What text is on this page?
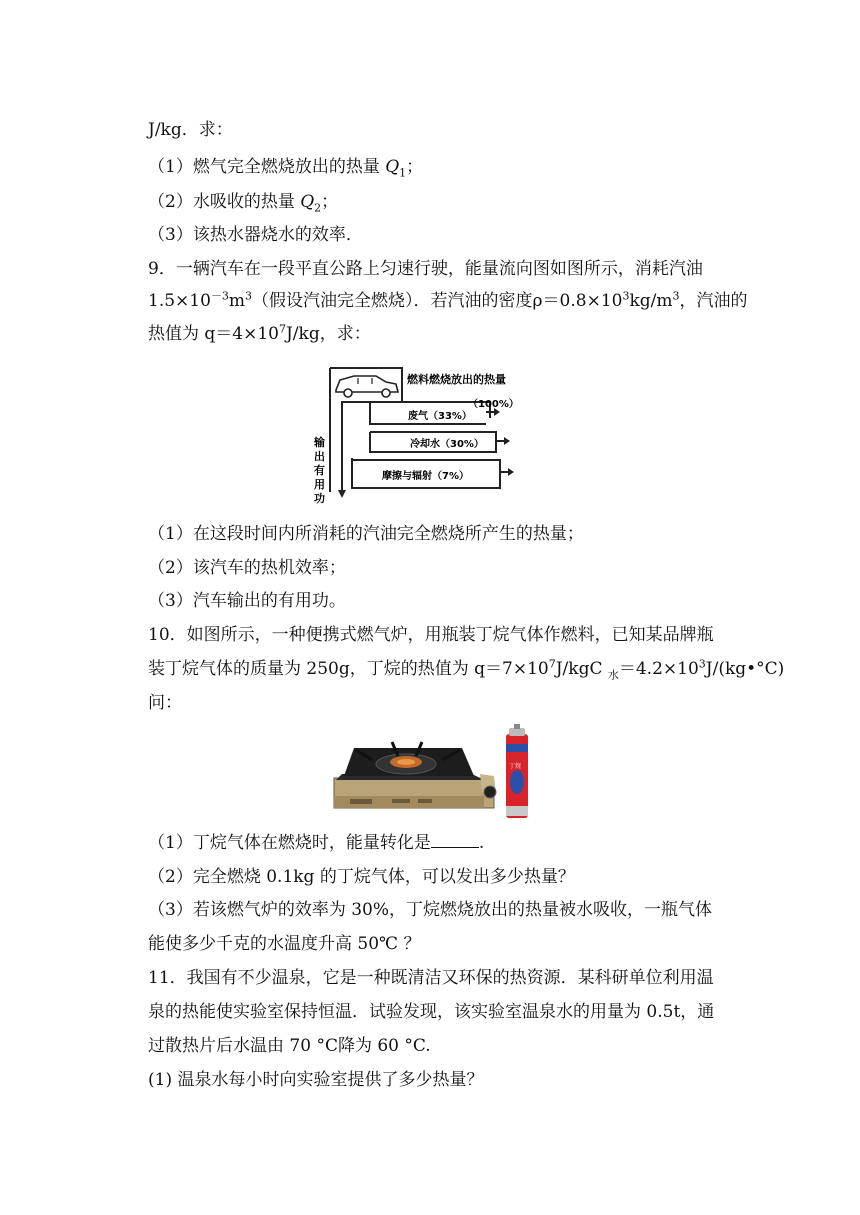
J/kg．求：
（1）燃气完全燃烧放出的热量 $Q_1$；
（2）水吸收的热量 $Q_2$；
（3）该热水器烧水的效率．
9．一辆汽车在一段平直公路上匀速行驶，能量流向图如图所示，消耗汽油
$1.5\times 10^{-3}m^3$（假设汽油完全燃烧）．若汽油的密度$\rho=0.8\times 10^3kg/m^3$，汽油的
热值为 $q=4\times 10^7J/kg$，求：
燃料燃烧放出的热量
（100%）
废气（33%）
冷却水（30%）
摩擦与辐射（7%）
输
出
有
用
功
（1）在这段时间内所消耗的汽油完全燃烧所产生的热量；
（2）该汽车的热机效率；
（3）汽车输出的有用功。
10．如图所示，一种便携式燃气炉，用瓶装丁烷气体作燃料，已知某品牌瓶
装丁烷气体的质量为 250g，丁烷的热值为 $q=7\times 10^7J$/kgC $_水=4.2\times 10^3J/(kg•^\circ C)$
问：
丁烷
（1）丁烷气体在燃烧时，能量转化是	.
（2）完全燃烧 0.1kg 的丁烷气体，可以发出多少热量？
（3）若该燃气炉的效率为 30%，丁烷燃烧放出的热量被水吸收，一瓶气体
能使多少千克的水温度升高 50℃ ？
11．我国有不少温泉，它是一种既清洁又环保的热资源．某科研单位利用温
泉的热能使实验室保持恒温．试验发现，该实验室温泉水的用量为 0.5t，通
过散热片后水温由 70 °C降为 60 °C.
(1) 温泉水每小时向实验室提供了多少热量？
